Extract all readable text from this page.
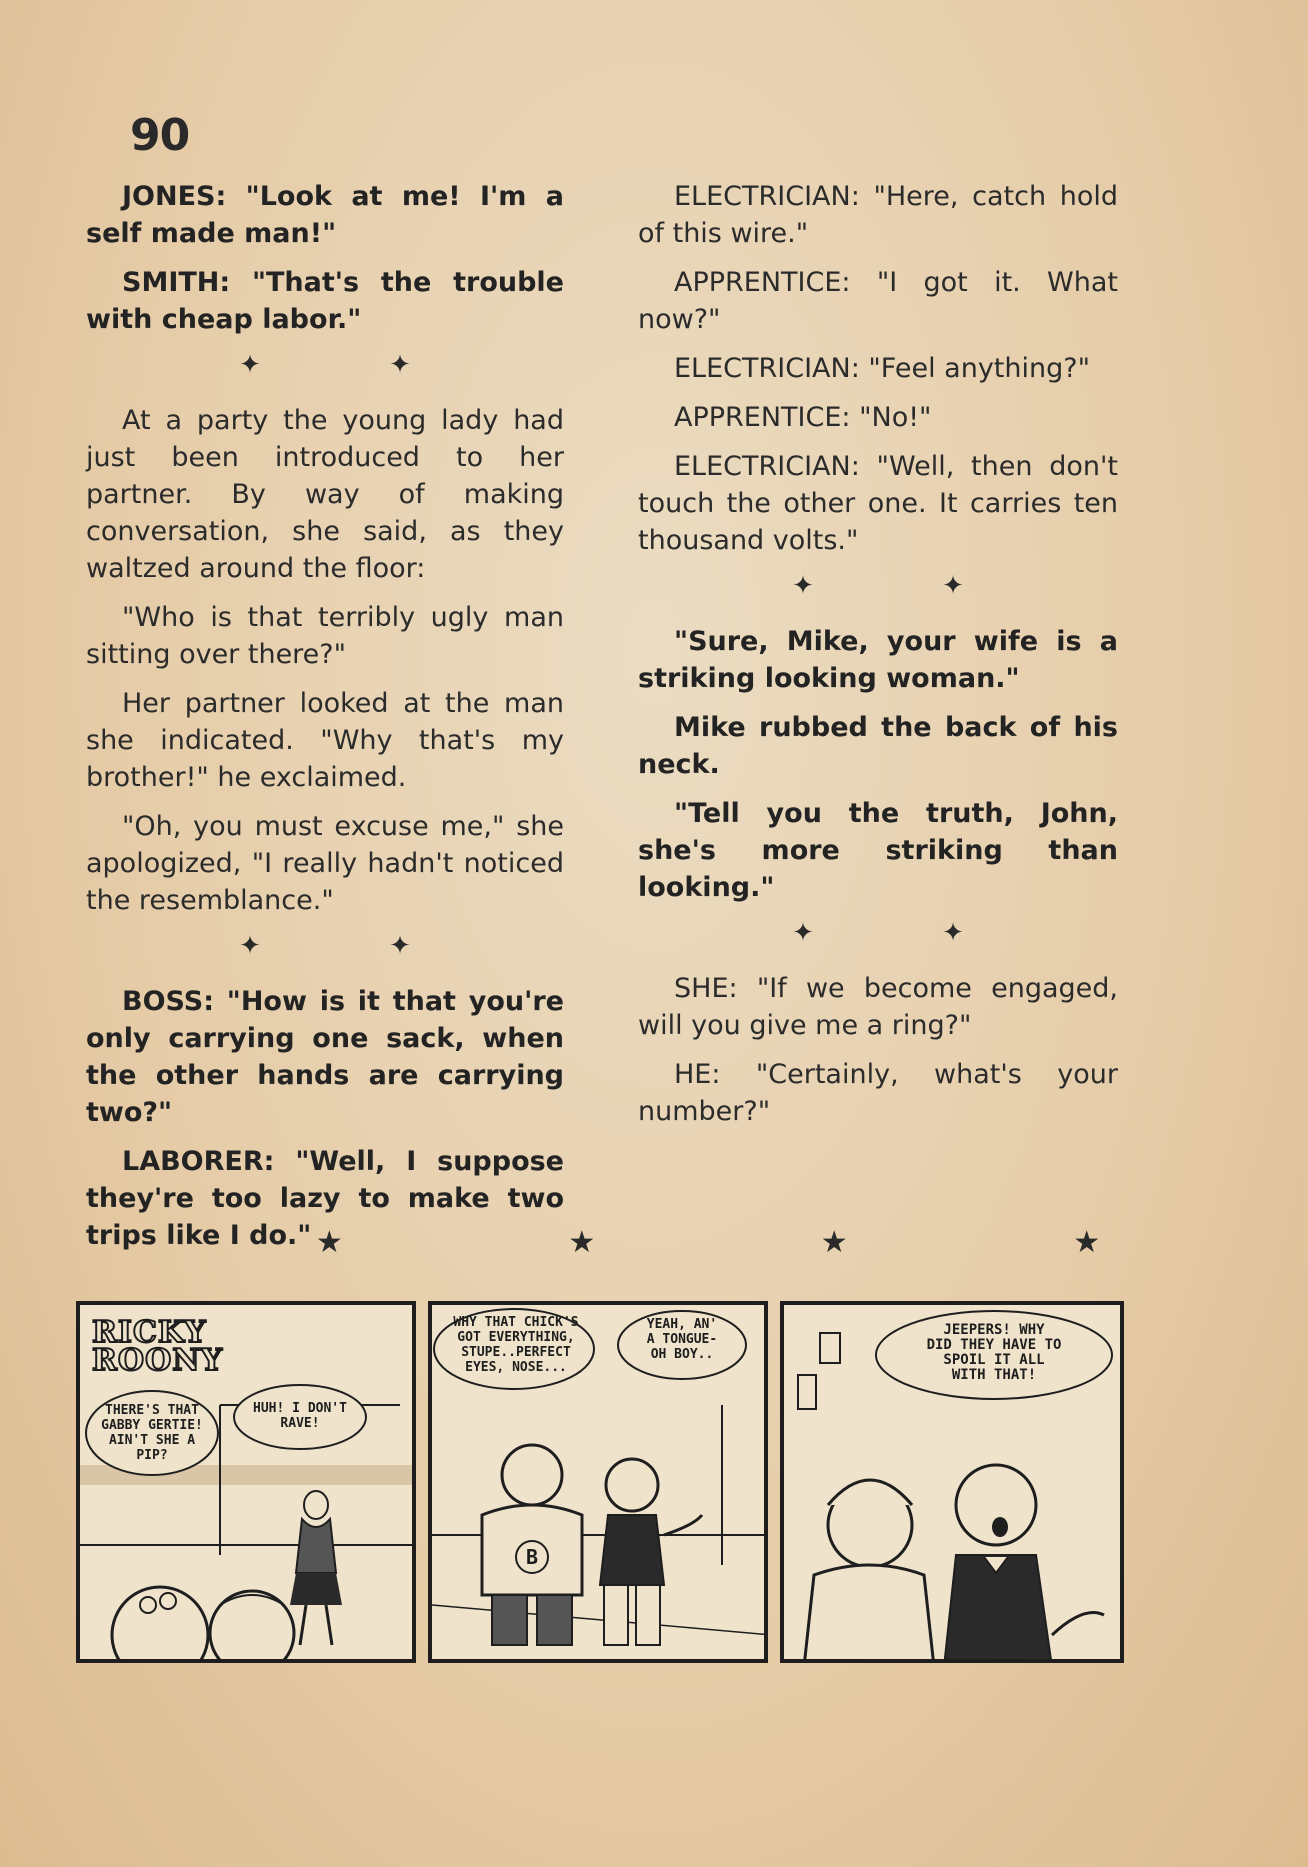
90

JONES: "Look at me! I'm a self made man!"

SMITH: "That's the trouble with cheap labor."

✦ ✦

At a party the young lady had just been introduced to her partner. By way of making conversation, she said, as they waltzed around the floor:

"Who is that terribly ugly man sitting over there?"

Her partner looked at the man she indicated. "Why that's my brother!" he exclaimed.

"Oh, you must excuse me," she apologized, "I really hadn't noticed the resemblance."

✦ ✦

BOSS: "How is it that you're only carrying one sack, when the other hands are carrying two?"

LABORER: "Well, I suppose they're too lazy to make two trips like I do."

ELECTRICIAN: "Here, catch hold of this wire."

APPRENTICE: "I got it. What now?"

ELECTRICIAN: "Feel anything?"

APPRENTICE: "No!"

ELECTRICIAN: "Well, then don't touch the other one. It carries ten thousand volts."

✦ ✦

"Sure, Mike, your wife is a striking looking woman."

Mike rubbed the back of his neck.

"Tell you the truth, John, she's more striking than looking."

✦ ✦

SHE: "If we become engaged, will you give me a ring?"

HE: "Certainly, what's your number?"

★ ★ ★ ★
RICKY
ROONY
THERE'S THAT
GABBY GERTIE!
AIN'T SHE A
PIP?
HUH! I DON'T
RAVE!
WHY THAT CHICK'S
GOT EVERYTHING,
STUPE..PERFECT
EYES, NOSE...
YEAH, AN'
A TONGUE-
OH BOY..
B
JEEPERS! WHY
DID THEY HAVE TO
SPOIL IT ALL
WITH THAT!
